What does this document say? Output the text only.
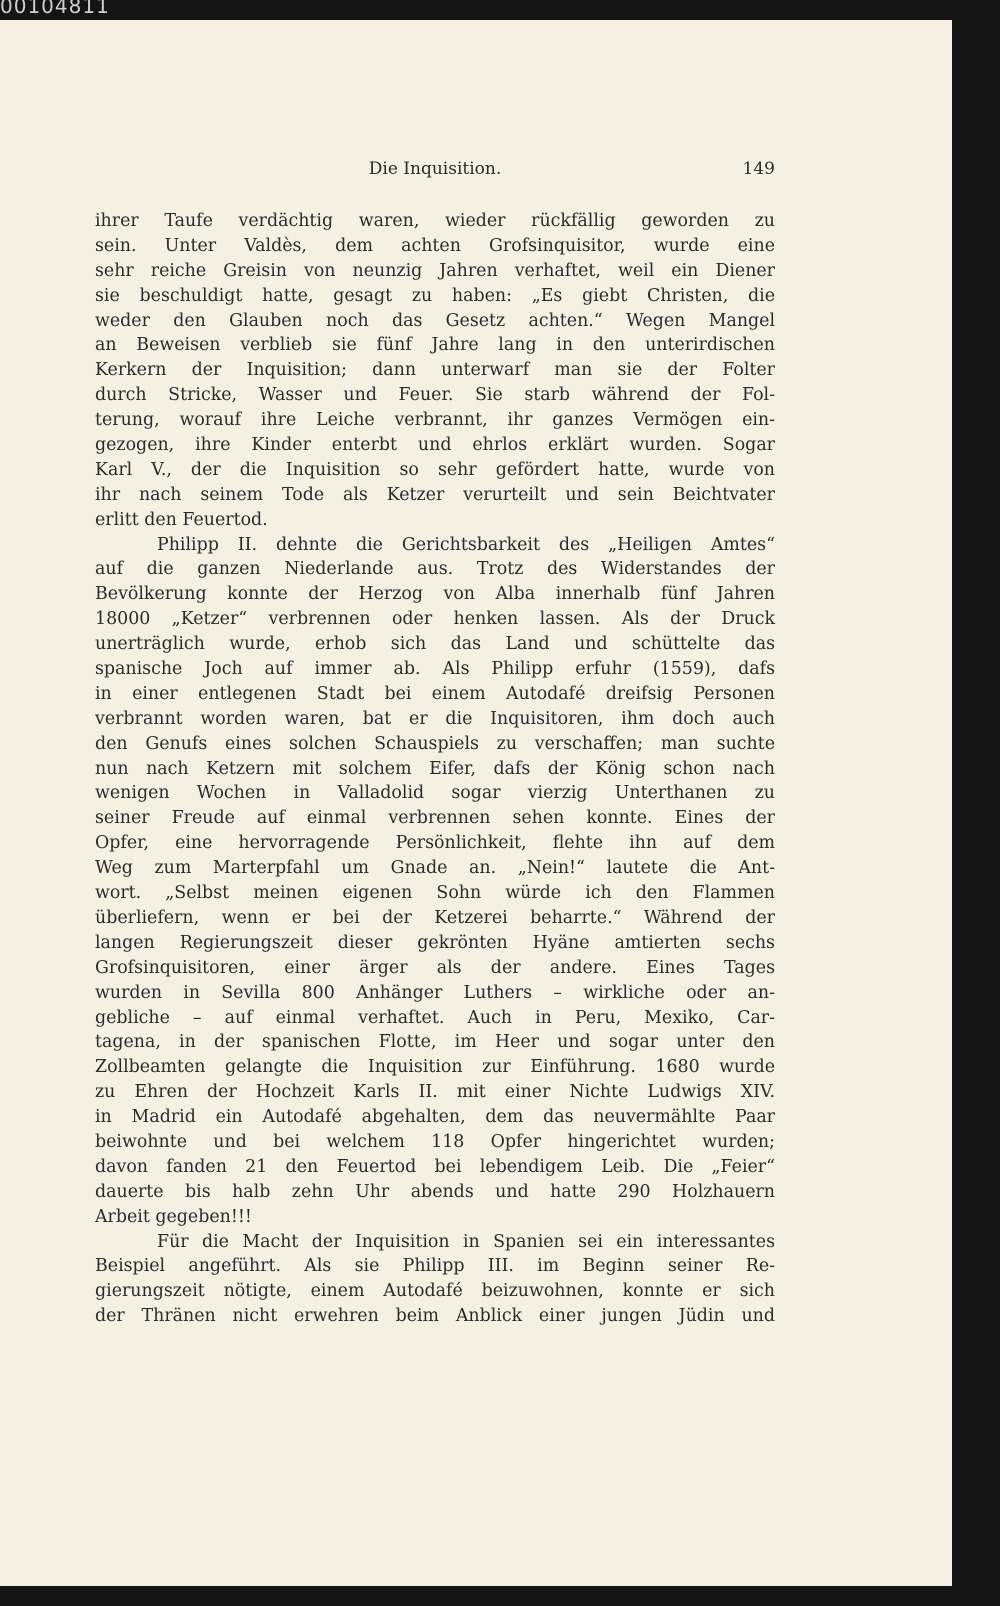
00104811
Die Inquisition.	149
ihrer Taufe verdächtig waren, wieder rückfällig geworden zu
sein. Unter Valdès, dem achten Grofsinquisitor, wurde eine
sehr reiche Greisin von neunzig Jahren verhaftet, weil ein Diener
sie beschuldigt hatte, gesagt zu haben: „Es giebt Christen, die
weder den Glauben noch das Gesetz achten.“ Wegen Mangel
an Beweisen verblieb sie fünf Jahre lang in den unterirdischen
Kerkern der Inquisition; dann unterwarf man sie der Folter
durch Stricke, Wasser und Feuer. Sie starb während der Fol-
terung, worauf ihre Leiche verbrannt, ihr ganzes Vermögen ein-
gezogen, ihre Kinder enterbt und ehrlos erklärt wurden. Sogar
Karl V., der die Inquisition so sehr gefördert hatte, wurde von
ihr nach seinem Tode als Ketzer verurteilt und sein Beichtvater
erlitt den Feuertod.
Philipp II. dehnte die Gerichtsbarkeit des „Heiligen Amtes“
auf die ganzen Niederlande aus. Trotz des Widerstandes der
Bevölkerung konnte der Herzog von Alba innerhalb fünf Jahren
18000 „Ketzer“ verbrennen oder henken lassen. Als der Druck
unerträglich wurde, erhob sich das Land und schüttelte das
spanische Joch auf immer ab. Als Philipp erfuhr (1559), dafs
in einer entlegenen Stadt bei einem Autodafé dreifsig Personen
verbrannt worden waren, bat er die Inquisitoren, ihm doch auch
den Genufs eines solchen Schauspiels zu verschaffen; man suchte
nun nach Ketzern mit solchem Eifer, dafs der König schon nach
wenigen Wochen in Valladolid sogar vierzig Unterthanen zu
seiner Freude auf einmal verbrennen sehen konnte. Eines der
Opfer, eine hervorragende Persönlichkeit, flehte ihn auf dem
Weg zum Marterpfahl um Gnade an. „Nein!“ lautete die Ant-
wort. „Selbst meinen eigenen Sohn würde ich den Flammen
überliefern, wenn er bei der Ketzerei beharrte.“ Während der
langen Regierungszeit dieser gekrönten Hyäne amtierten sechs
Grofsinquisitoren, einer ärger als der andere. Eines Tages
wurden in Sevilla 800 Anhänger Luthers – wirkliche oder an-
gebliche – auf einmal verhaftet. Auch in Peru, Mexiko, Car-
tagena, in der spanischen Flotte, im Heer und sogar unter den
Zollbeamten gelangte die Inquisition zur Einführung. 1680 wurde
zu Ehren der Hochzeit Karls II. mit einer Nichte Ludwigs XIV.
in Madrid ein Autodafé abgehalten, dem das neuvermählte Paar
beiwohnte und bei welchem 118 Opfer hingerichtet wurden;
davon fanden 21 den Feuertod bei lebendigem Leib. Die „Feier“
dauerte bis halb zehn Uhr abends und hatte 290 Holzhauern
Arbeit gegeben!!!
Für die Macht der Inquisition in Spanien sei ein interessantes
Beispiel angeführt. Als sie Philipp III. im Beginn seiner Re-
gierungszeit nötigte, einem Autodafé beizuwohnen, konnte er sich
der Thränen nicht erwehren beim Anblick einer jungen Jüdin und
